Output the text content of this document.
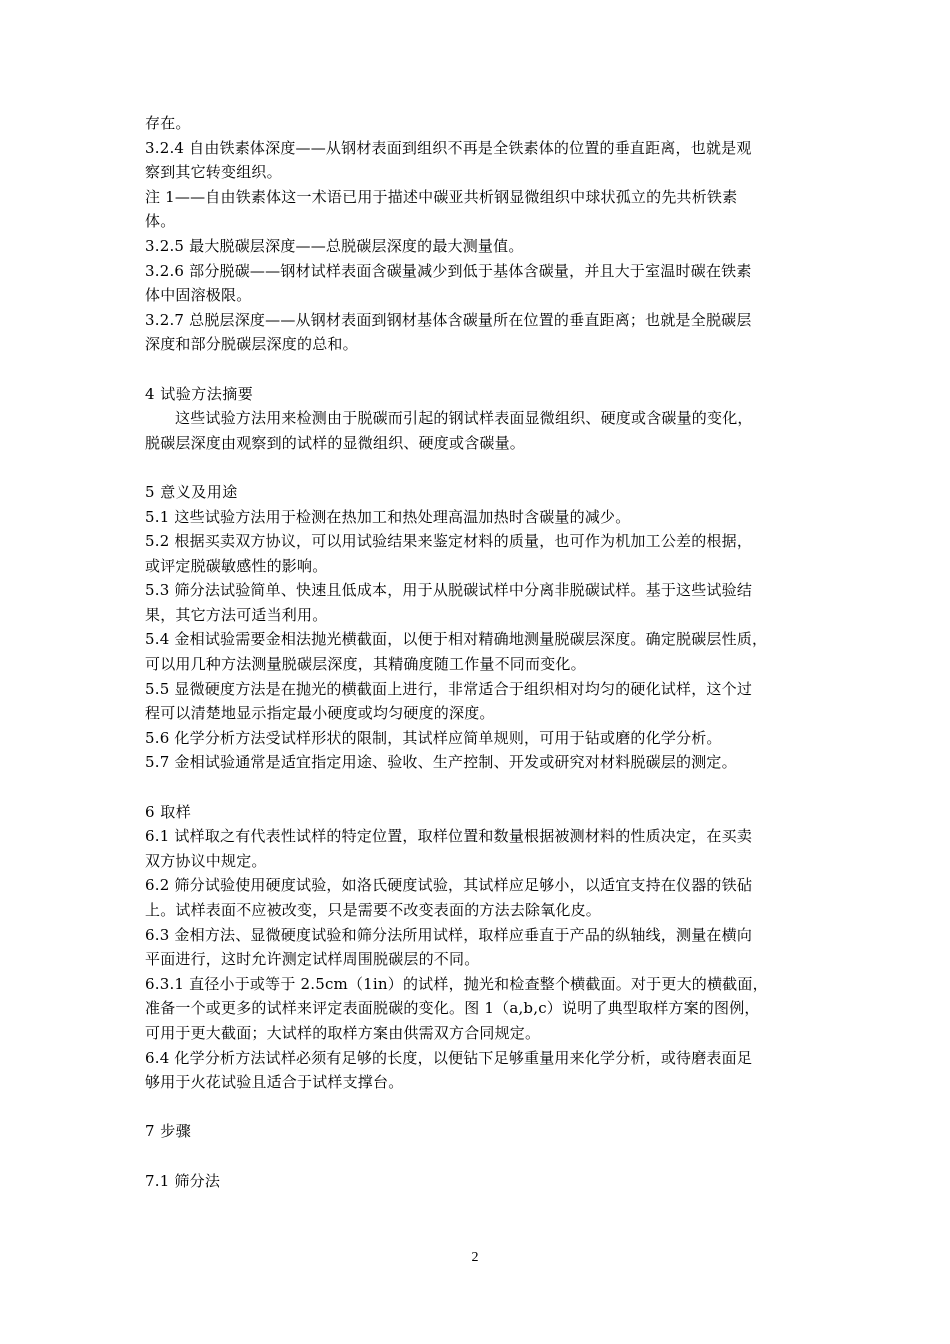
存在。
3.2.4 自由铁素体深度——从钢材表面到组织不再是全铁素体的位置的垂直距离，也就是观
察到其它转变组织。
注 1——自由铁素体这一术语已用于描述中碳亚共析钢显微组织中球状孤立的先共析铁素
体。
3.2.5 最大脱碳层深度——总脱碳层深度的最大测量值。
3.2.6 部分脱碳——钢材试样表面含碳量减少到低于基体含碳量，并且大于室温时碳在铁素
体中固溶极限。
3.2.7 总脱层深度——从钢材表面到钢材基体含碳量所在位置的垂直距离；也就是全脱碳层
深度和部分脱碳层深度的总和。
4 试验方法摘要
这些试验方法用来检测由于脱碳而引起的钢试样表面显微组织、硬度或含碳量的变化，
脱碳层深度由观察到的试样的显微组织、硬度或含碳量。
5 意义及用途
5.1 这些试验方法用于检测在热加工和热处理高温加热时含碳量的减少。
5.2 根据买卖双方协议，可以用试验结果来鉴定材料的质量，也可作为机加工公差的根据，
或评定脱碳敏感性的影响。
5.3 筛分法试验简单、快速且低成本，用于从脱碳试样中分离非脱碳试样。基于这些试验结
果，其它方法可适当利用。
5.4 金相试验需要金相法抛光横截面，以便于相对精确地测量脱碳层深度。确定脱碳层性质，
可以用几种方法测量脱碳层深度，其精确度随工作量不同而变化。
5.5 显微硬度方法是在抛光的横截面上进行，非常适合于组织相对均匀的硬化试样，这个过
程可以清楚地显示指定最小硬度或均匀硬度的深度。
5.6 化学分析方法受试样形状的限制，其试样应简单规则，可用于钻或磨的化学分析。
5.7 金相试验通常是适宜指定用途、验收、生产控制、开发或研究对材料脱碳层的测定。
6 取样
6.1 试样取之有代表性试样的特定位置，取样位置和数量根据被测材料的性质决定，在买卖
双方协议中规定。
6.2 筛分试验使用硬度试验，如洛氏硬度试验，其试样应足够小，以适宜支持在仪器的铁砧
上。试样表面不应被改变，只是需要不改变表面的方法去除氧化皮。
6.3 金相方法、显微硬度试验和筛分法所用试样，取样应垂直于产品的纵轴线，测量在横向
平面进行，这时允许测定试样周围脱碳层的不同。
6.3.1 直径小于或等于 2.5cm（1in）的试样，抛光和检查整个横截面。对于更大的横截面，
准备一个或更多的试样来评定表面脱碳的变化。图 1（a,b,c）说明了典型取样方案的图例，
可用于更大截面；大试样的取样方案由供需双方合同规定。
6.4 化学分析方法试样必须有足够的长度，以便钻下足够重量用来化学分析，或待磨表面足
够用于火花试验且适合于试样支撑台。
7 步骤
7.1 筛分法
2
